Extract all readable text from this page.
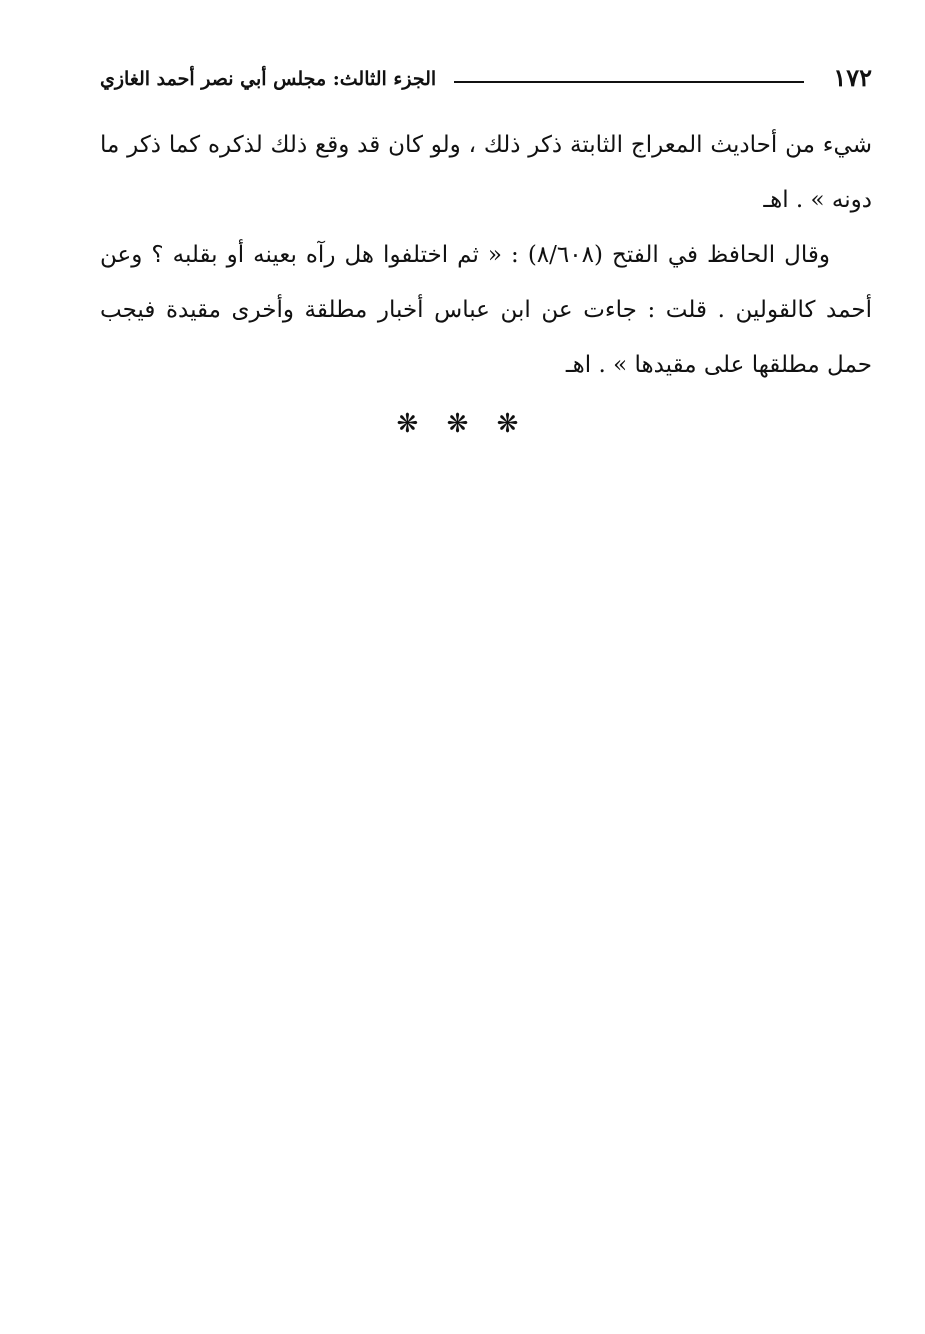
١٧٢
الجزء الثالث: مجلس أبي نصر أحمد الغازي

شيء من أحاديث المعراج الثابتة ذكر ذلك ، ولو كان قد وقع ذلك لذكره كما ذكر ما دونه » . اهـ

وقال الحافظ في الفتح (٨/٦٠٨) : « ثم اختلفوا هل رآه بعينه أو بقلبه ؟ وعن أحمد كالقولين . قلت : جاءت عن ابن عباس أخبار مطلقة وأخرى مقيدة فيجب حمل مطلقها على مقيدها » . اهـ

❋ ❋ ❋
